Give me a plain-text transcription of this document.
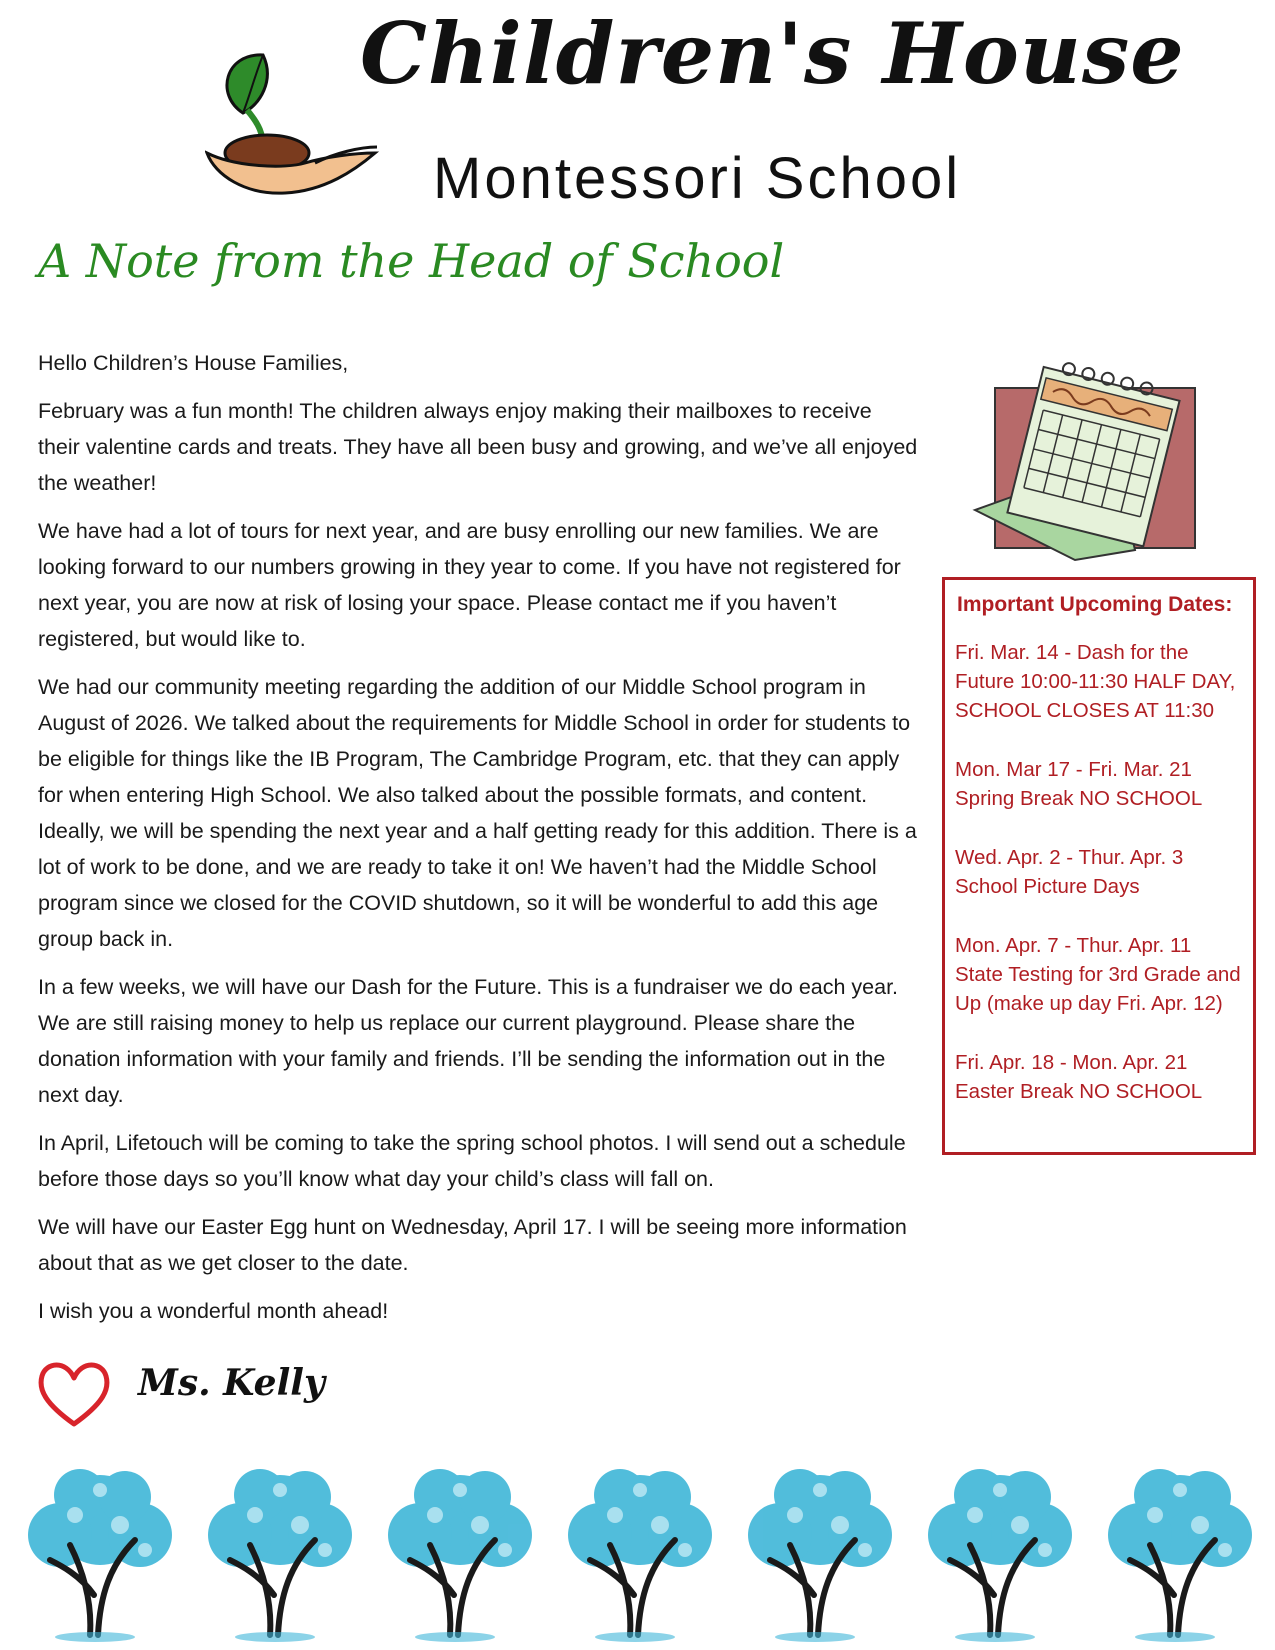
Children's House
Montessori School
A Note from the Head of School

Hello Children’s House Families,

February was a fun month! The children always enjoy making their mailboxes to receive their valentine cards and treats. They have all been busy and growing, and we’ve all enjoyed the weather!

We have had a lot of tours for next year, and are busy enrolling our new families. We are looking forward to our numbers growing in they year to come. If you have not registered for next year, you are now at risk of losing your space. Please contact me if you haven’t registered, but would like to.

We had our community meeting regarding the addition of our Middle School program in August of 2026. We talked about the requirements for Middle School in order for students to be eligible for things like the IB Program, The Cambridge Program, etc. that they can apply for when entering High School. We also talked about the possible formats, and content. Ideally, we will be spending the next year and a half getting ready for this addition. There is a lot of work to be done, and we are ready to take it on! We haven’t had the Middle School program since we closed for the COVID shutdown, so it will be wonderful to add this age group back in.

In a few weeks, we will have our Dash for the Future. This is a fundraiser we do each year. We are still raising money to help us replace our current playground. Please share the donation information with your family and friends. I’ll be sending the information out in the next day.

In April, Lifetouch will be coming to take the spring school photos. I will send out a schedule before those days so you’ll know what day your child’s class will fall on.

We will have our Easter Egg hunt on Wednesday, April 17. I will be seeing more information about that as we get closer to the date.

I wish you a wonderful month ahead!

Important Upcoming Dates:
Fri. Mar. 14 - Dash for the Future 10:00-11:30 HALF DAY, SCHOOL CLOSES AT 11:30
Mon. Mar 17 - Fri. Mar. 21 Spring Break NO SCHOOL
Wed. Apr. 2 - Thur. Apr. 3 School Picture Days
Mon. Apr. 7 - Thur. Apr. 11 State Testing for 3rd Grade and Up (make up day Fri. Apr. 12)
Fri. Apr. 18 - Mon. Apr. 21 Easter Break NO SCHOOL
Ms. Kelly
